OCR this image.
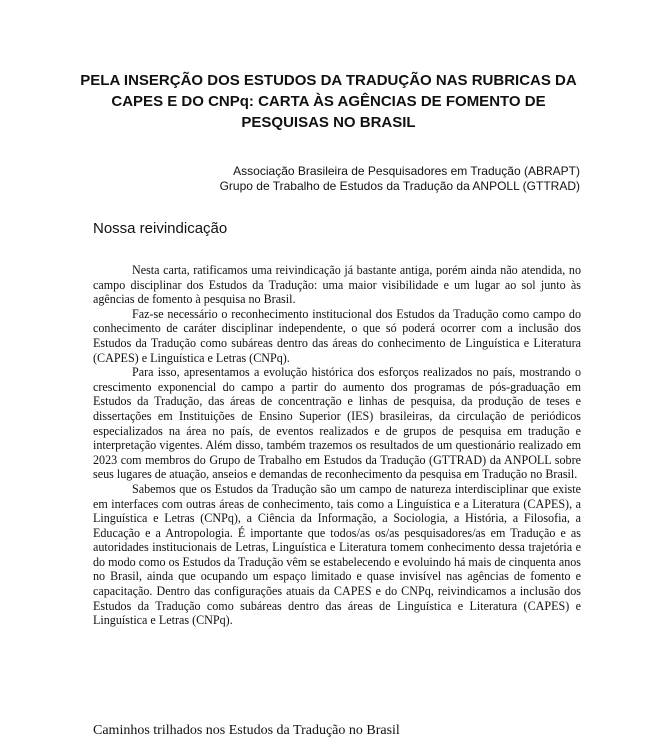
PELA INSERÇÃO DOS ESTUDOS DA TRADUÇÃO NAS RUBRICAS DA CAPES E DO CNPq: CARTA ÀS AGÊNCIAS DE FOMENTO DE PESQUISAS NO BRASIL
Associação Brasileira de Pesquisadores em Tradução (ABRAPT)
Grupo de Trabalho de Estudos da Tradução da ANPOLL (GTTRAD)
Nossa reivindicação

Nesta carta, ratificamos uma reivindicação já bastante antiga, porém ainda não atendida, no campo disciplinar dos Estudos da Tradução: uma maior visibilidade e um lugar ao sol junto às agências de fomento à pesquisa no Brasil.

Faz-se necessário o reconhecimento institucional dos Estudos da Tradução como campo do conhecimento de caráter disciplinar independente, o que só poderá ocorrer com a inclusão dos Estudos da Tradução como subáreas dentro das áreas do conhecimento de Linguística e Literatura (CAPES) e Linguística e Letras (CNPq).

Para isso, apresentamos a evolução histórica dos esforços realizados no país, mostrando o crescimento exponencial do campo a partir do aumento dos programas de pós-graduação em Estudos da Tradução, das áreas de concentração e linhas de pesquisa, da produção de teses e dissertações em Instituições de Ensino Superior (IES) brasileiras, da circulação de periódicos especializados na área no país, de eventos realizados e de grupos de pesquisa em tradução e interpretação vigentes. Além disso, também trazemos os resultados de um questionário realizado em 2023 com membros do Grupo de Trabalho em Estudos da Tradução (GTTRAD) da ANPOLL sobre seus lugares de atuação, anseios e demandas de reconhecimento da pesquisa em Tradução no Brasil.

Sabemos que os Estudos da Tradução são um campo de natureza interdisciplinar que existe em interfaces com outras áreas de conhecimento, tais como a Linguística e a Literatura (CAPES), a Linguística e Letras (CNPq), a Ciência da Informação, a Sociologia, a História, a Filosofia, a Educação e a Antropologia. É importante que todos/as os/as pesquisadores/as em Tradução e as autoridades institucionais de Letras, Linguística e Literatura tomem conhecimento dessa trajetória e do modo como os Estudos da Tradução vêm se estabelecendo e evoluindo há mais de cinquenta anos no Brasil, ainda que ocupando um espaço limitado e quase invisível nas agências de fomento e capacitação. Dentro das configurações atuais da CAPES e do CNPq, reivindicamos a inclusão dos Estudos da Tradução como subáreas dentro das áreas de Linguística e Literatura (CAPES) e Linguística e Letras (CNPq).

Caminhos trilhados nos Estudos da Tradução no Brasil
